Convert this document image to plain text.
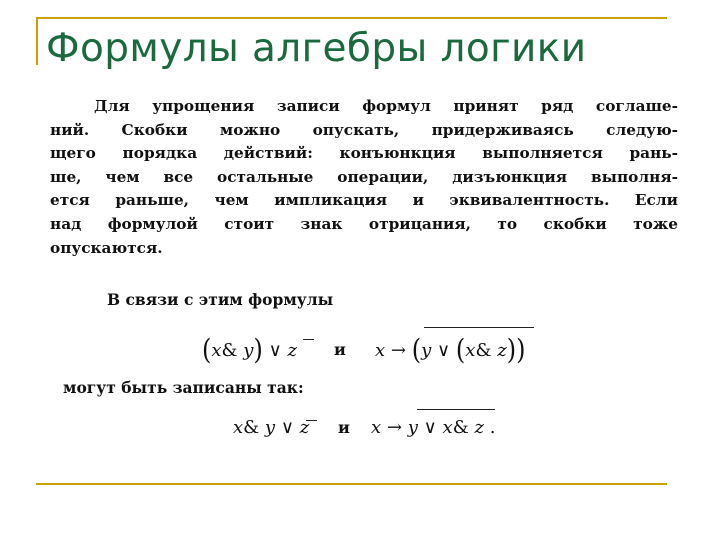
Формулы алгебры логики
Для упрощения записи формул принят ряд соглаше-
ний. Скобки можно опускать, придерживаясь следую-
щего порядка действий: конъюнкция выполняется рань-
ше, чем все остальные операции, дизъюнкция выполня-
ется раньше, чем импликация и эквивалентность. Если
над формулой стоит знак отрицания, то скобки тоже
опускаются.
В связи с этим формулы
(x& y) ∨ z и x → (y ∨ (x& z))
могут быть записаны так:
x& y ∨ z и x → y ∨ x& z .
